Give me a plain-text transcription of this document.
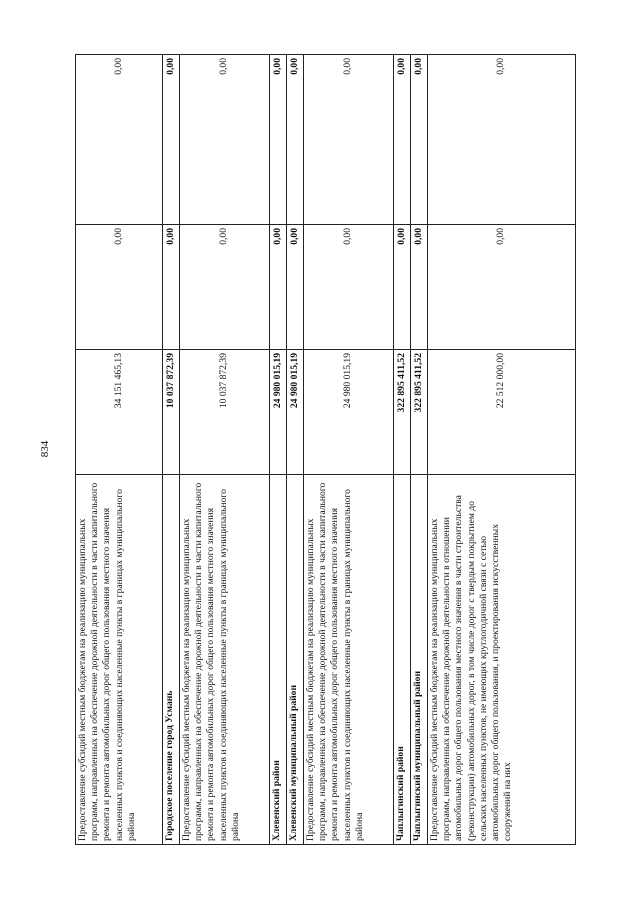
834
Предоставление субсидий местным бюджетам на реализацию муниципальных программ, направленных на обеспечение дорожной деятельности в части капитального ремонта и ремонта автомобильных дорог общего пользования местного значения населенных пунктов и соединяющих населенные пункты в границах муниципального района	34 151 465,13	0,00	0,00
Городское поселение город Усмань	10 037 872,39	0,00	0,00
Предоставление субсидий местным бюджетам на реализацию муниципальных программ, направленных на обеспечение дорожной деятельности в части капитального ремонта и ремонта автомобильных дорог общего пользования местного значения населенных пунктов и соединяющих населенные пункты в границах муниципального района	10 037 872,39	0,00	0,00
Хлевенский район	24 980 015,19	0,00	0,00
Хлевенский муниципальный район	24 980 015,19	0,00	0,00
Предоставление субсидий местным бюджетам на реализацию муниципальных программ, направленных на обеспечение дорожной деятельности в части капитального ремонта и ремонта автомобильных дорог общего пользования местного значения населенных пунктов и соединяющих населенные пункты в границах муниципального района	24 980 015,19	0,00	0,00
Чаплыгинский район	322 895 411,52	0,00	0,00
Чаплыгинский муниципальный район	322 895 411,52	0,00	0,00
Предоставление субсидий местным бюджетам на реализацию муниципальных программ, направленных на обеспечение дорожной деятельности в отношении автомобильных дорог общего пользования местного значения в части строительства (реконструкции) автомобильных дорог, в том числе дорог с твердым покрытием до сельских населенных пунктов, не имеющих круглогодичной связи с сетью автомобильных дорог общего пользования, и проектирования искусственных сооружений на них	22 512 000,00	0,00	0,00
